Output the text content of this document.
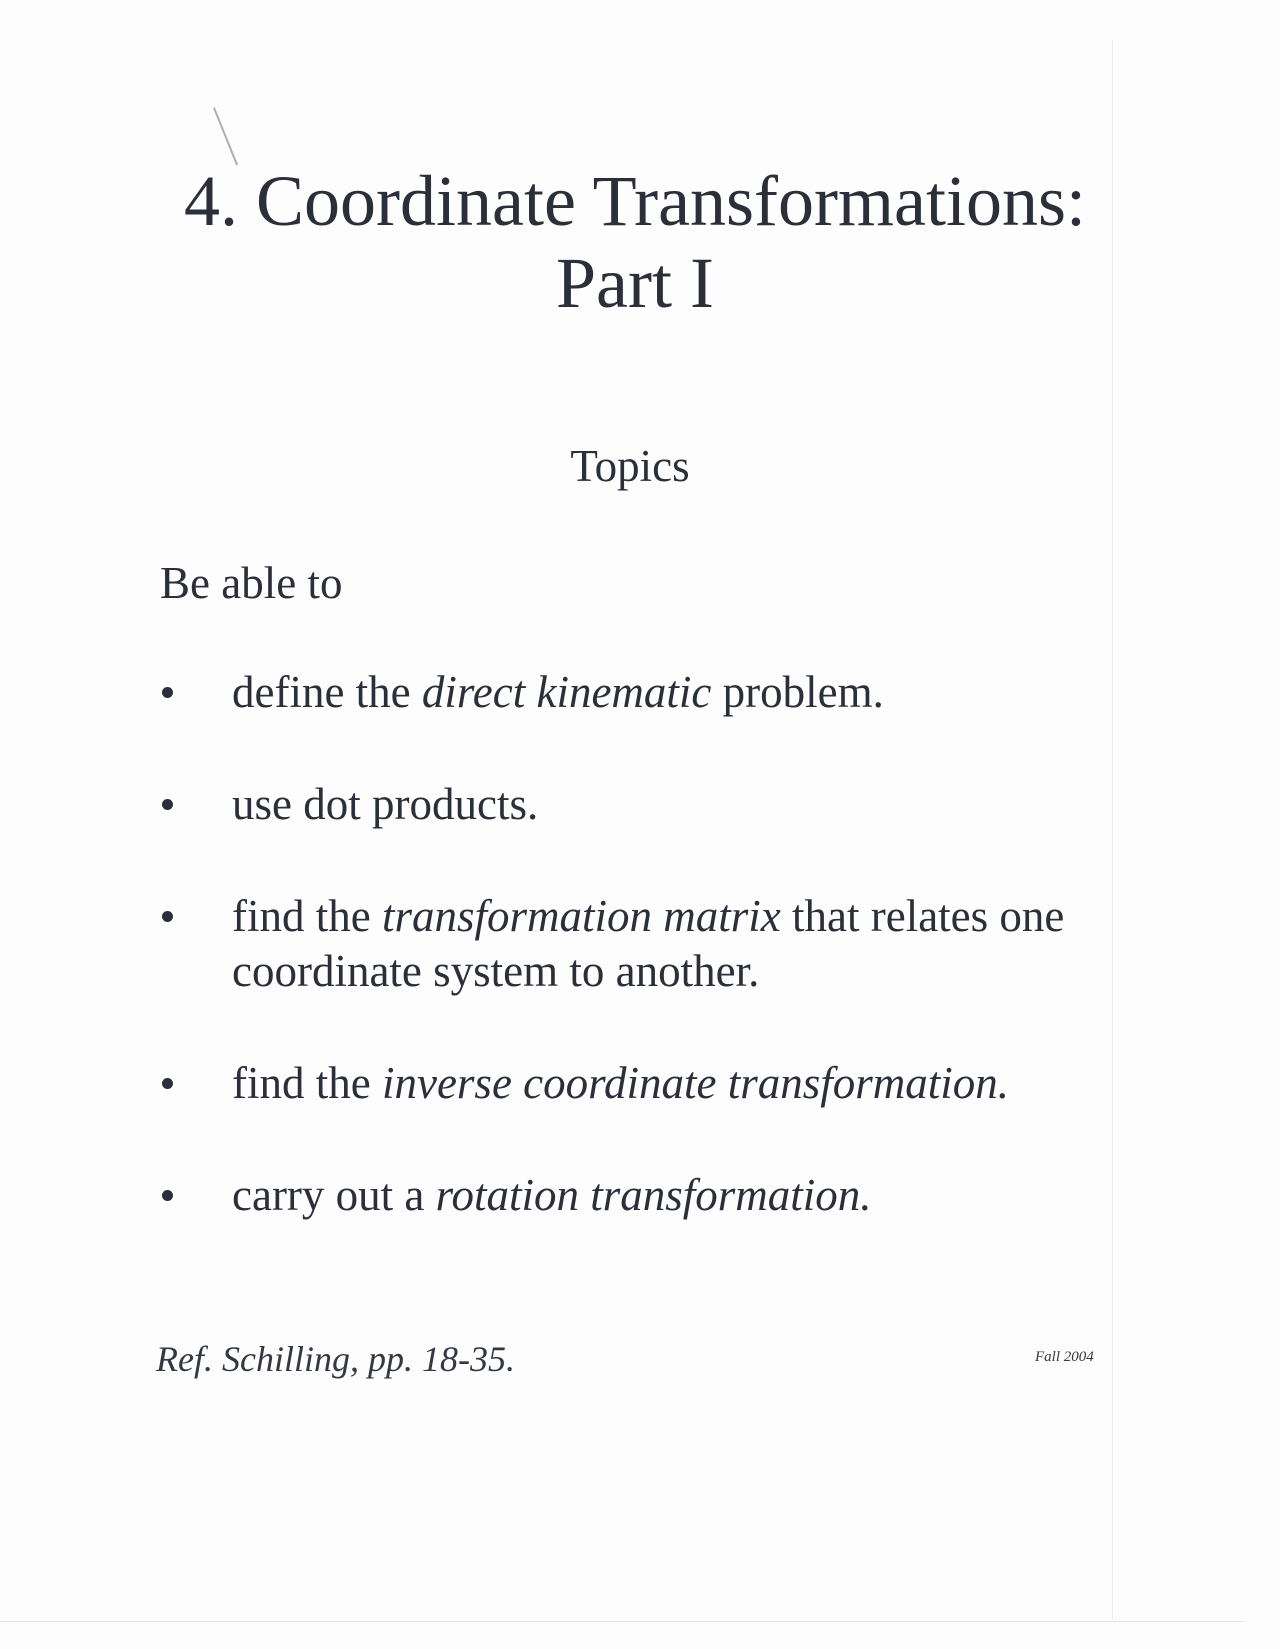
4. Coordinate Transformations:
Part I
Topics
Be able to
define the direct kinematic problem.
use dot products.
find the transformation matrix that relates one coordinate system to another.
find the inverse coordinate transformation.
carry out a rotation transformation.
Ref. Schilling, pp. 18-35.	Fall 2004
